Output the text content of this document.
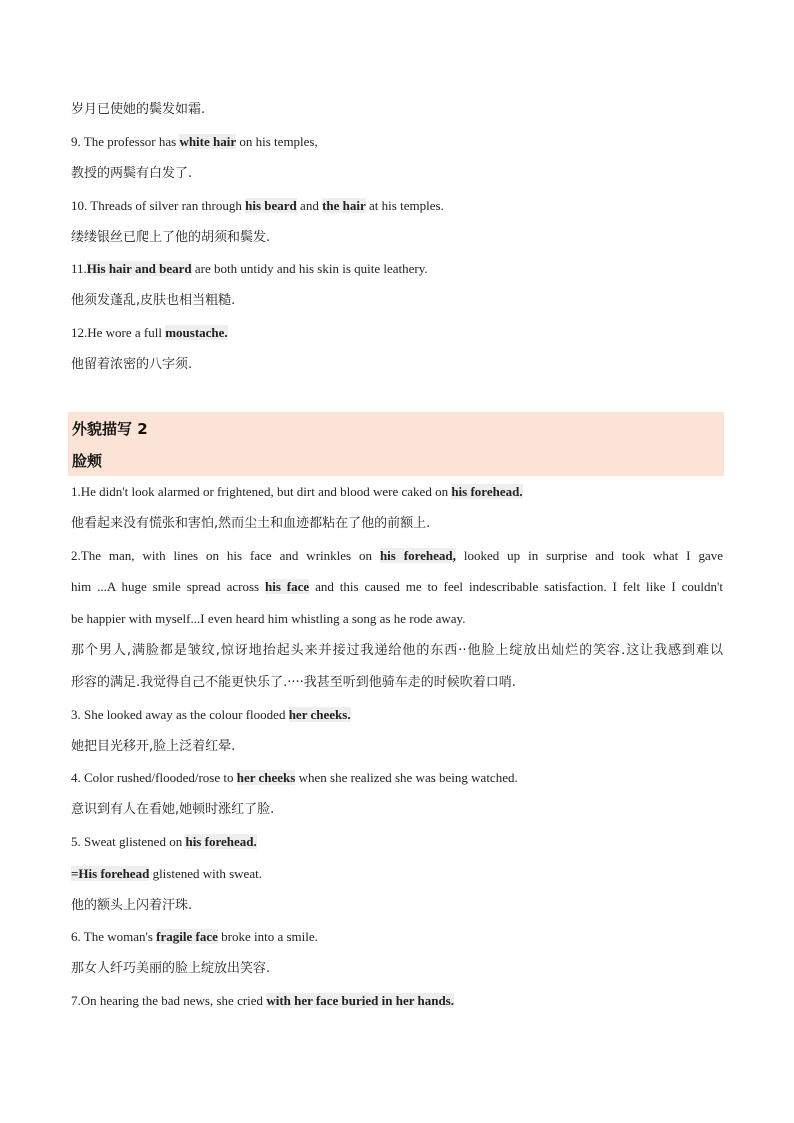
岁月已使她的鬓发如霜.
9. The professor has white hair on his temples,
教授的两鬓有白发了.
10. Threads of silver ran through his beard and the hair at his temples.
缕缕银丝已爬上了他的胡须和鬓发.
11.His hair and beard are both untidy and his skin is quite leathery.
他须发蓬乱,皮肤也相当粗糙.
12.He wore a full moustache.
他留着浓密的八字须.
外貌描写 2
脸颊
1.He didn't look alarmed or frightened, but dirt and blood were caked on his forehead.
他看起来没有慌张和害怕,然而尘土和血迹都粘在了他的前额上.
2.The man, with lines on his face and wrinkles on his forehead, looked up in surprise and took what I gave
him ...A huge smile spread across his face and this caused me to feel indescribable satisfaction. I felt like I couldn't
be happier with myself...I even heard him whistling a song as he rode away.
那个男人,满脸都是皱纹,惊讶地抬起头来并接过我递给他的东西··他脸上绽放出灿烂的笑容.这让我感到难以
形容的满足.我觉得自己不能更快乐了.····我甚至听到他骑车走的时候吹着口哨.
3. She looked away as the colour flooded her cheeks.
她把目光移开,脸上泛着红晕.
4. Color rushed/flooded/rose to her cheeks when she realized she was being watched.
意识到有人在看她,她顿时涨红了脸.
5. Sweat glistened on his forehead.
=His forehead glistened with sweat.
他的额头上闪着汗珠.
6. The woman's fragile face broke into a smile.
那女人纤巧美丽的脸上绽放出笑容.
7.On hearing the bad news, she cried with her face buried in her hands.
